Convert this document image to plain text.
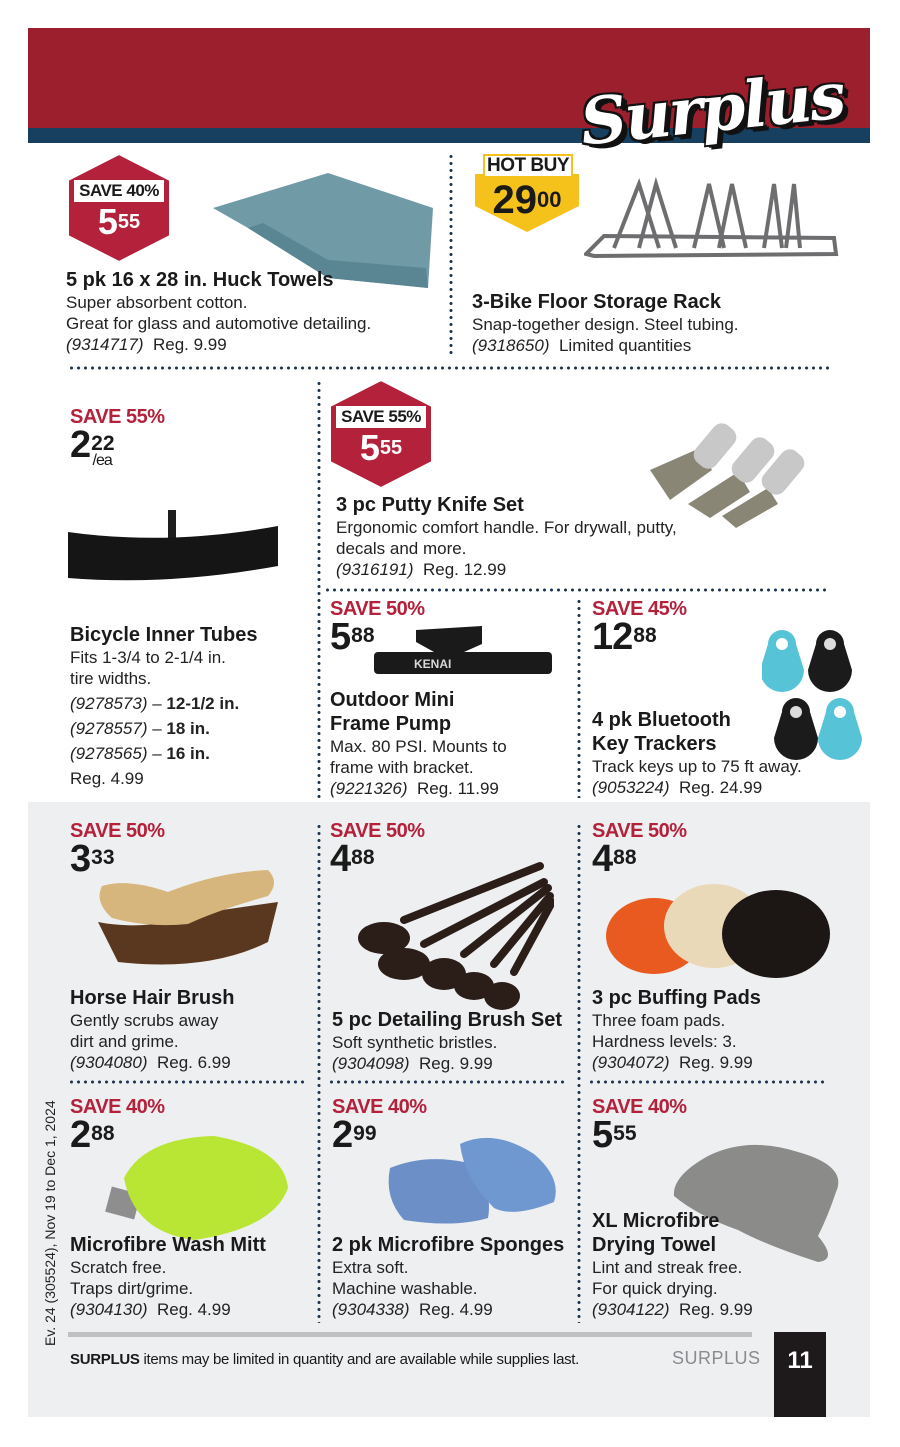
Surplus
SAVE 40%
$5^{55}$
5 pk 16 x 28 in. Huck Towels
Super absorbent cotton.
Great for glass and automotive detailing.
(9314717) Reg. 9.99
HOT BUY
$29^{00}$
3-Bike Floor Storage Rack
Snap-together design. Steel tubing.
(9318650) Limited quantities
SAVE 55%
$2^{22}_{/ea}$
Bicycle Inner Tubes
Fits 1-3/4 to 2-1/4 in.
tire widths.
(9278573) – 12-1/2 in.
(9278557) – 18 in.
(9278565) – 16 in.
Reg. 4.99
SAVE 55%
$5^{55}$
3 pc Putty Knife Set
Ergonomic comfort handle. For drywall, putty,
decals and more.
(9316191) Reg. 12.99
SAVE 50%
$5^{88}$
KENAI
Outdoor Mini
Frame Pump
Max. 80 PSI. Mounts to
frame with bracket.
(9221326) Reg. 11.99
SAVE 45%
$12^{88}$
4 pk Bluetooth
Key Trackers
Track keys up to 75 ft away.
(9053224) Reg. 24.99
SAVE 50%
$3^{33}$
Horse Hair Brush
Gently scrubs away
dirt and grime.
(9304080) Reg. 6.99
SAVE 50%
$4^{88}$
5 pc Detailing Brush Set
Soft synthetic bristles.
(9304098) Reg. 9.99
SAVE 50%
$4^{88}$
3 pc Buffing Pads
Three foam pads.
Hardness levels: 3.
(9304072) Reg. 9.99
SAVE 40%
$2^{88}$
Microfibre Wash Mitt
Scratch free.
Traps dirt/grime.
(9304130) Reg. 4.99
SAVE 40%
$2^{99}$
2 pk Microfibre Sponges
Extra soft.
Machine washable.
(9304338) Reg. 4.99
SAVE 40%
$5^{55}$
XL Microfibre
Drying Towel
Lint and streak free.
For quick drying.
(9304122) Reg. 9.99
Ev. 24 (305524), Nov 19 to Dec 1, 2024
SURPLUS items may be limited in quantity and are available while supplies last.	SURPLUS	11
